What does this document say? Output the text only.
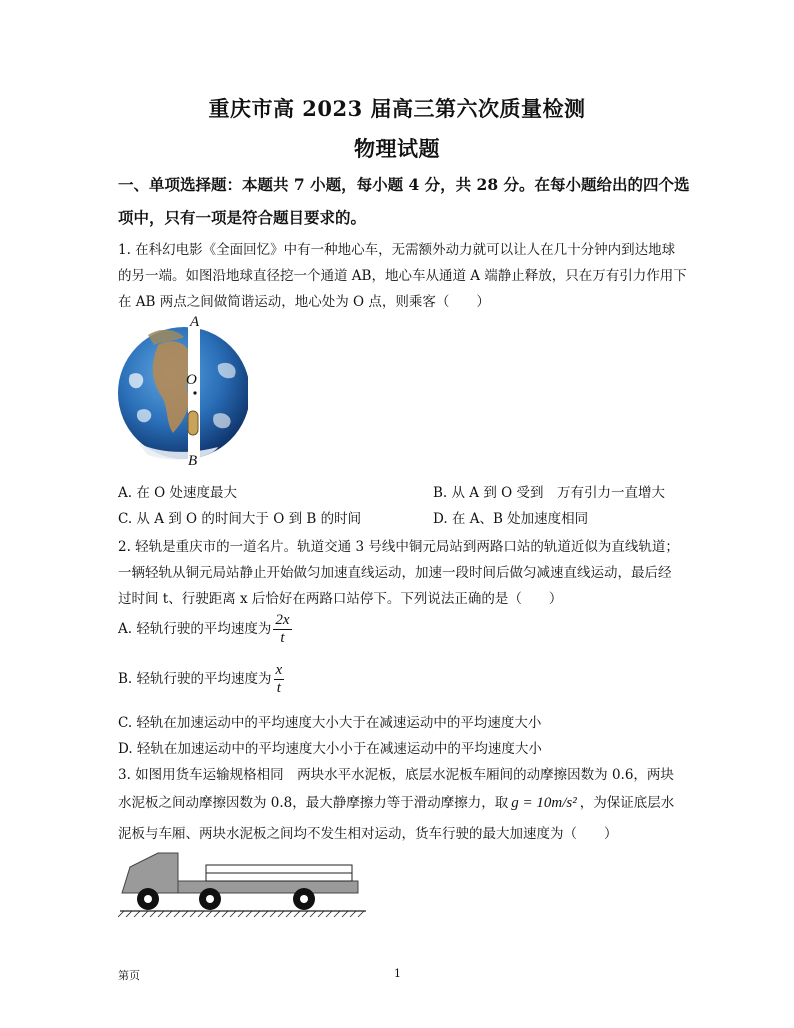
重庆市高 2023 届高三第六次质量检测
物理试题
一、单项选择题：本题共 7 小题，每小题 4 分，共 28 分。在每小题给出的四个选
项中，只有一项是符合题目要求的。
1. 在科幻电影《全面回忆》中有一种地心车，无需额外动力就可以让人在几十分钟内到达地球
的另一端。如图沿地球直径挖一个通道 AB，地心车从通道 A 端静止释放，只在万有引力作用下
在 AB 两点之间做简谐运动，地心处为 O 点，则乘客（　　）
A
O
B
A. 在 O 处速度最大	B. 从 A 到 O 受到　万有引力一直增大
C. 从 A 到 O 的时间大于 O 到 B 的时间	D. 在 A、B 处加速度相同
2. 轻轨是重庆市的一道名片。轨道交通 3 号线中铜元局站到两路口站的轨道近似为直线轨道；
一辆轻轨从铜元局站静止开始做匀加速直线运动，加速一段时间后做匀减速直线运动，最后经
过时间 t、行驶距离 x 后恰好在两路口站停下。下列说法正确的是（　　）
A. 轻轨行驶的平均速度为 $\frac{2x}{t}$
B. 轻轨行驶的平均速度为 $\frac{x}{t}$
C. 轻轨在加速运动中的平均速度大小大于在减速运动中的平均速度大小
D. 轻轨在加速运动中的平均速度大小小于在减速运动中的平均速度大小
3. 如图用货车运输规格相同　两块水平水泥板，底层水泥板车厢间的动摩擦因数为 0.6，两块
水泥板之间动摩擦因数为 0.8，最大静摩擦力等于滑动摩擦力，取 g = 10m/s² ，为保证底层水
泥板与车厢、两块水泥板之间均不发生相对运动，货车行驶的最大加速度为（　　）
第页	1
